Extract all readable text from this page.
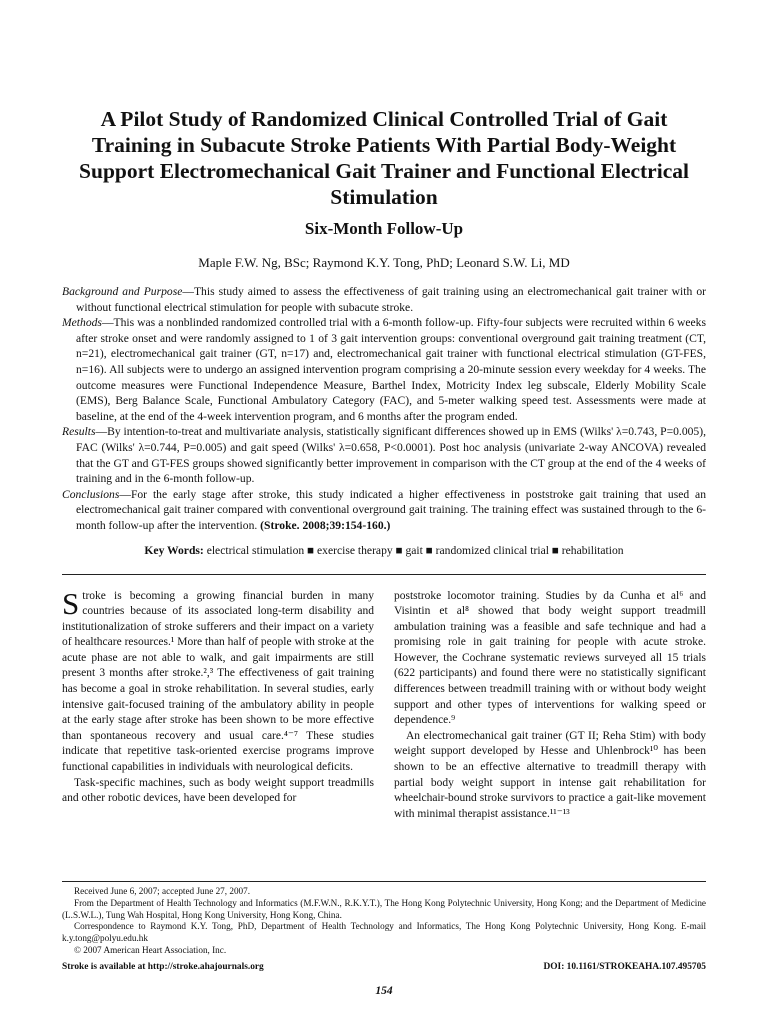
A Pilot Study of Randomized Clinical Controlled Trial of Gait Training in Subacute Stroke Patients With Partial Body-Weight Support Electromechanical Gait Trainer and Functional Electrical Stimulation
Six-Month Follow-Up
Maple F.W. Ng, BSc; Raymond K.Y. Tong, PhD; Leonard S.W. Li, MD

Background and Purpose—This study aimed to assess the effectiveness of gait training using an electromechanical gait trainer with or without functional electrical stimulation for people with subacute stroke.

Methods—This was a nonblinded randomized controlled trial with a 6-month follow-up. Fifty-four subjects were recruited within 6 weeks after stroke onset and were randomly assigned to 1 of 3 gait intervention groups: conventional overground gait training treatment (CT, n=21), electromechanical gait trainer (GT, n=17) and, electromechanical gait trainer with functional electrical stimulation (GT-FES, n=16). All subjects were to undergo an assigned intervention program comprising a 20-minute session every weekday for 4 weeks. The outcome measures were Functional Independence Measure, Barthel Index, Motricity Index leg subscale, Elderly Mobility Scale (EMS), Berg Balance Scale, Functional Ambulatory Category (FAC), and 5-meter walking speed test. Assessments were made at baseline, at the end of the 4-week intervention program, and 6 months after the program ended.

Results—By intention-to-treat and multivariate analysis, statistically significant differences showed up in EMS (Wilks' λ=0.743, P=0.005), FAC (Wilks' λ=0.744, P=0.005) and gait speed (Wilks' λ=0.658, P<0.0001). Post hoc analysis (univariate 2-way ANCOVA) revealed that the GT and GT-FES groups showed significantly better improvement in comparison with the CT group at the end of the 4 weeks of training and in the 6-month follow-up.

Conclusions—For the early stage after stroke, this study indicated a higher effectiveness in poststroke gait training that used an electromechanical gait trainer compared with conventional overground gait training. The training effect was sustained through to the 6-month follow-up after the intervention. (Stroke. 2008;39:154-160.)

Key Words: electrical stimulation ■ exercise therapy ■ gait ■ randomized clinical trial ■ rehabilitation

Stroke is becoming a growing financial burden in many countries because of its associated long-term disability and institutionalization of stroke sufferers and their impact on a variety of healthcare resources.¹ More than half of people with stroke at the acute phase are not able to walk, and gait impairments are still present 3 months after stroke.²,³ The effectiveness of gait training has become a goal in stroke rehabilitation. In several studies, early intensive gait-focused training of the ambulatory ability in people at the early stage after stroke has been shown to be more effective than spontaneous recovery and usual care.⁴⁻⁷ These studies indicate that repetitive task-oriented exercise programs improve functional capabilities in individuals with neurological deficits.

Task-specific machines, such as body weight support treadmills and other robotic devices, have been developed for

poststroke locomotor training. Studies by da Cunha et al⁶ and Visintin et al⁸ showed that body weight support treadmill ambulation training was a feasible and safe technique and had a promising role in gait training for people with acute stroke. However, the Cochrane systematic reviews surveyed all 15 trials (622 participants) and found there were no statistically significant differences between treadmill training with or without body weight support and other types of interventions for walking speed or dependence.⁹

An electromechanical gait trainer (GT II; Reha Stim) with body weight support developed by Hesse and Uhlenbrock¹⁰ has been shown to be an effective alternative to treadmill therapy with partial body weight support in intense gait rehabilitation for wheelchair-bound stroke survivors to practice a gait-like movement with minimal therapist assistance.¹¹⁻¹³

Received June 6, 2007; accepted June 27, 2007.

From the Department of Health Technology and Informatics (M.F.W.N., R.K.Y.T.), The Hong Kong Polytechnic University, Hong Kong; and the Department of Medicine (L.S.W.L.), Tung Wah Hospital, Hong Kong University, Hong Kong, China.

Correspondence to Raymond K.Y. Tong, PhD, Department of Health Technology and Informatics, The Hong Kong Polytechnic University, Hong Kong. E-mail k.y.tong@polyu.edu.hk

© 2007 American Heart Association, Inc.

Stroke is available at http://stroke.ahajournals.org	DOI: 10.1161/STROKEAHA.107.495705
154
